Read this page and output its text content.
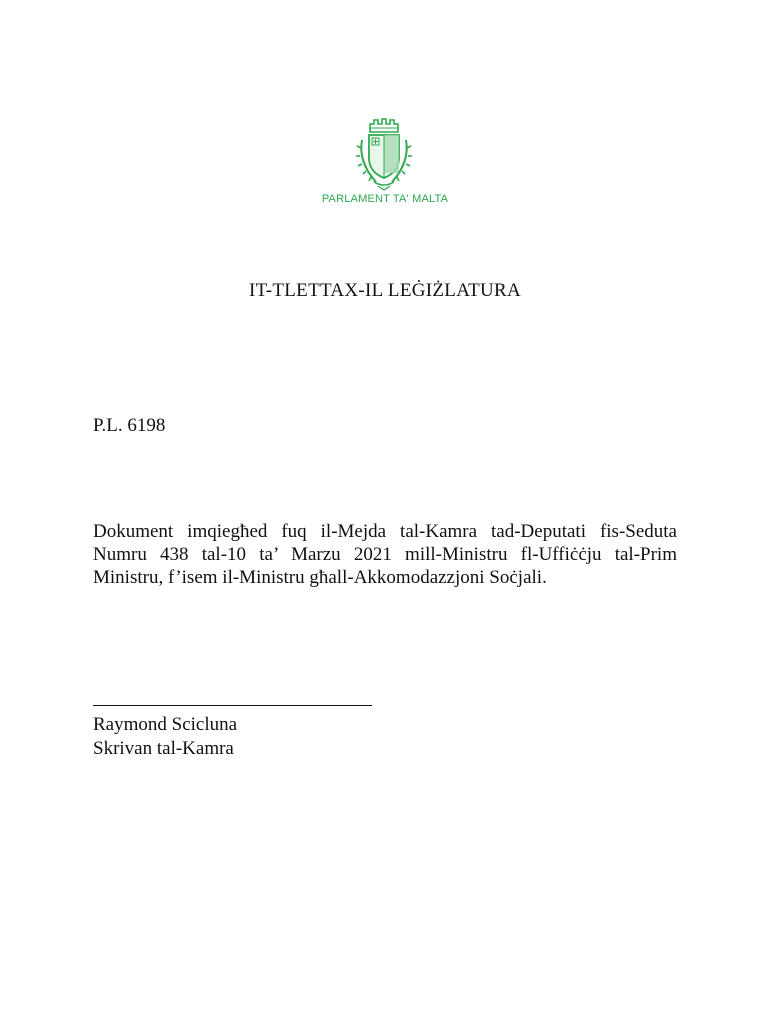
PARLAMENT TA' MALTA
IT-TLETTAX-IL LEĠIŻLATURA
P.L. 6198
Dokument imqiegħed fuq il-Mejda tal-Kamra tad-Deputati fis-Seduta Numru 438 tal-10 ta’ Marzu 2021 mill-Ministru fl-Uffiċċju tal-Prim Ministru, f’isem il-Ministru għall-Akkomodazzjoni Soċjali.
Raymond Scicluna
Skrivan tal-Kamra
